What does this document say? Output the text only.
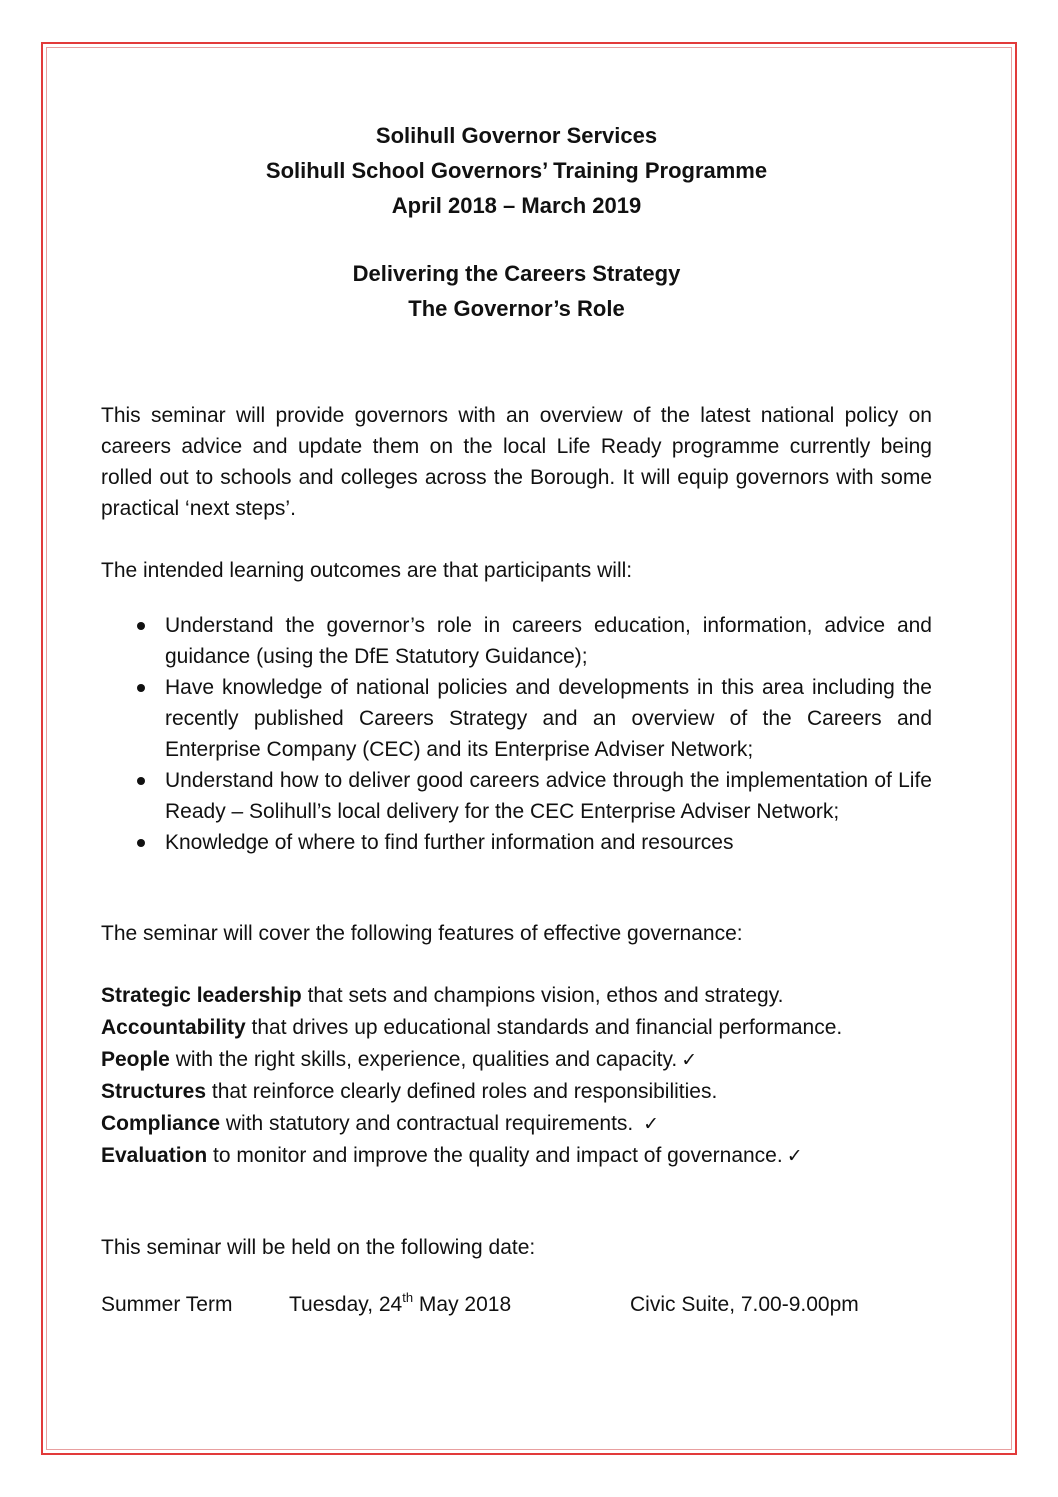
Solihull Governor Services
Solihull School Governors’ Training Programme
April 2018 – March 2019
Delivering the Careers Strategy
The Governor’s Role

This seminar will provide governors with an overview of the latest national policy on careers advice and update them on the local Life Ready programme currently being rolled out to schools and colleges across the Borough. It will equip governors with some practical ‘next steps’.

The intended learning outcomes are that participants will:
Understand the governor’s role in careers education, information, advice and guidance (using the DfE Statutory Guidance);
Have knowledge of national policies and developments in this area including the recently published Careers Strategy and an overview of the Careers and Enterprise Company (CEC) and its Enterprise Adviser Network;
Understand how to deliver good careers advice through the implementation of Life Ready – Solihull’s local delivery for the CEC Enterprise Adviser Network;
Knowledge of where to find further information and resources
The seminar will cover the following features of effective governance:
Strategic leadership that sets and champions vision, ethos and strategy.
Accountability that drives up educational standards and financial performance.
People with the right skills, experience, qualities and capacity. ✓
Structures that reinforce clearly defined roles and responsibilities.
Compliance with statutory and contractual requirements. ✓
Evaluation to monitor and improve the quality and impact of governance. ✓
This seminar will be held on the following date:
Summer Term	Tuesday, 24th May 2018	Civic Suite, 7.00-9.00pm
